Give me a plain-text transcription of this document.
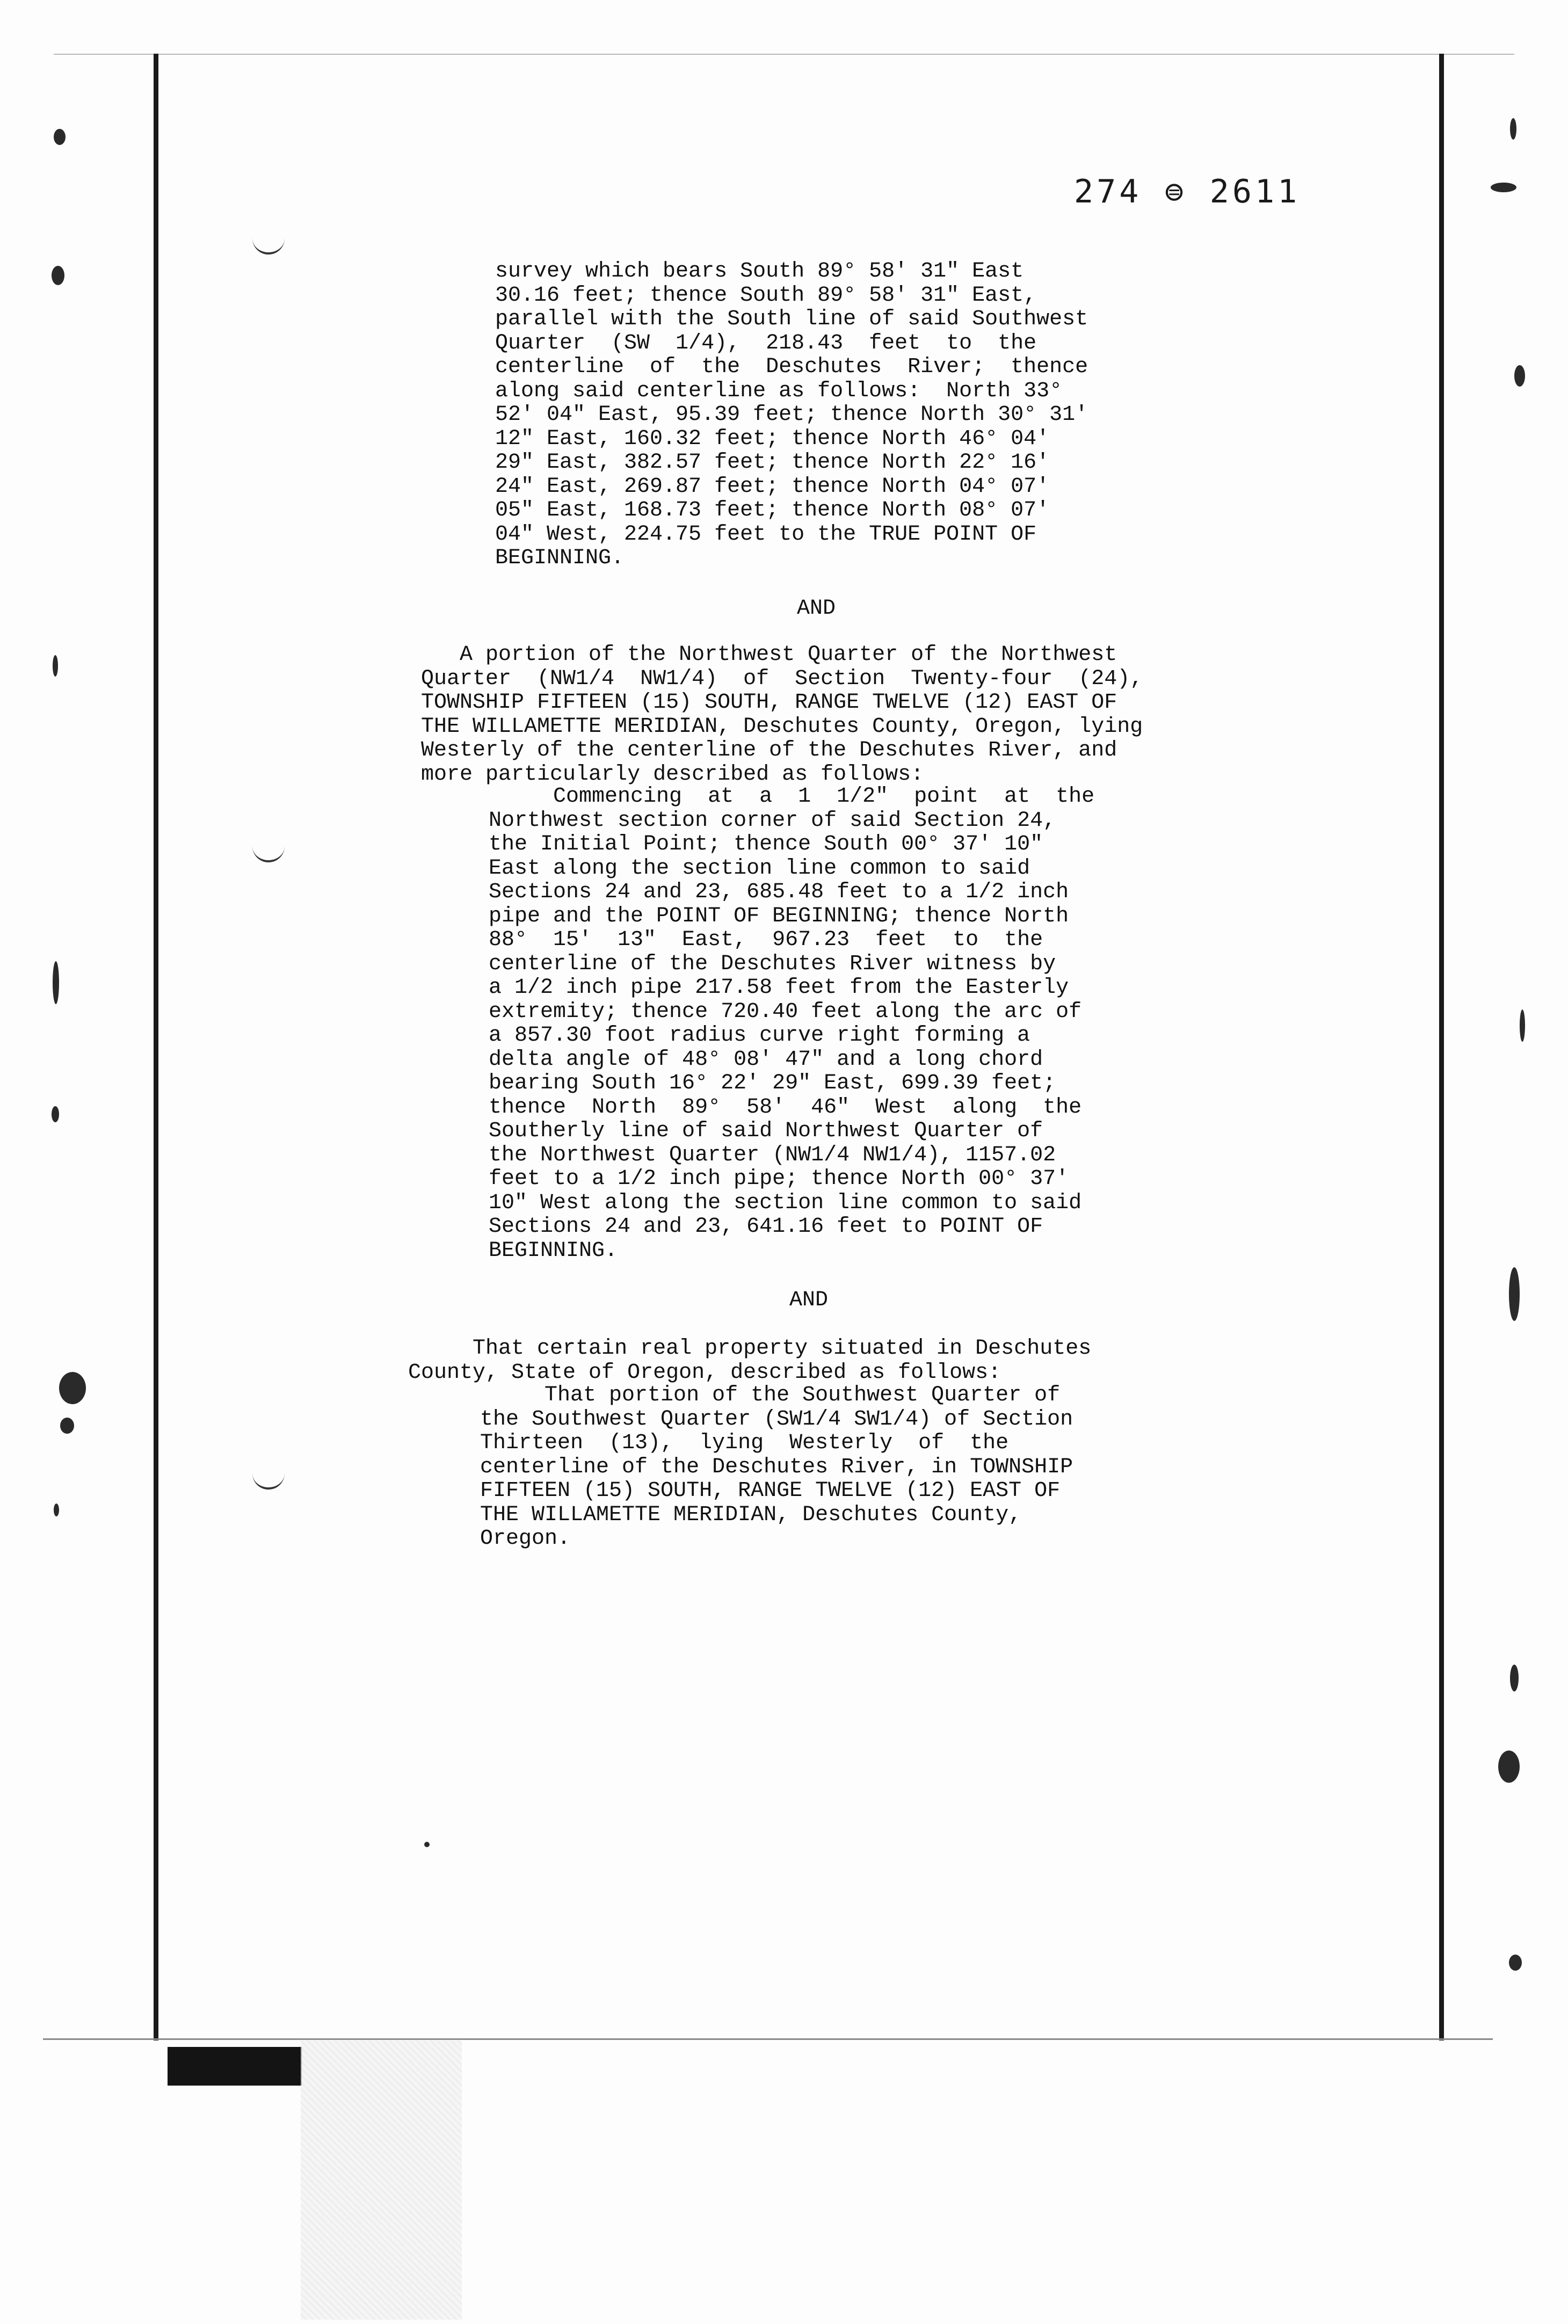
274 ⊜ 2611
survey which bears South 89° 58' 31" East
30.16 feet; thence South 89° 58' 31" East,
parallel with the South line of said Southwest
Quarter  (SW  1/4),  218.43  feet  to  the
centerline  of  the  Deschutes  River;  thence
along said centerline as follows:  North 33°
52' 04" East, 95.39 feet; thence North 30° 31'
12" East, 160.32 feet; thence North 46° 04'
29" East, 382.57 feet; thence North 22° 16'
24" East, 269.87 feet; thence North 04° 07'
05" East, 168.73 feet; thence North 08° 07'
04" West, 224.75 feet to the TRUE POINT OF
BEGINNING.
AND
A portion of the Northwest Quarter of the Northwest
Quarter  (NW1/4  NW1/4)  of  Section  Twenty-four  (24),
TOWNSHIP FIFTEEN (15) SOUTH, RANGE TWELVE (12) EAST OF
THE WILLAMETTE MERIDIAN, Deschutes County, Oregon, lying
Westerly of the centerline of the Deschutes River, and
more particularly described as follows:
Commencing  at  a  1  1/2"  point  at  the
Northwest section corner of said Section 24,
the Initial Point; thence South 00° 37' 10"
East along the section line common to said
Sections 24 and 23, 685.48 feet to a 1/2 inch
pipe and the POINT OF BEGINNING; thence North
88°  15'  13"  East,  967.23  feet  to  the
centerline of the Deschutes River witness by
a 1/2 inch pipe 217.58 feet from the Easterly
extremity; thence 720.40 feet along the arc of
a 857.30 foot radius curve right forming a
delta angle of 48° 08' 47" and a long chord
bearing South 16° 22' 29" East, 699.39 feet;
thence  North  89°  58'  46"  West  along  the
Southerly line of said Northwest Quarter of
the Northwest Quarter (NW1/4 NW1/4), 1157.02
feet to a 1/2 inch pipe; thence North 00° 37'
10" West along the section line common to said
Sections 24 and 23, 641.16 feet to POINT OF
BEGINNING.
AND
That certain real property situated in Deschutes
County, State of Oregon, described as follows:
That portion of the Southwest Quarter of
the Southwest Quarter (SW1/4 SW1/4) of Section
Thirteen  (13),  lying  Westerly  of  the
centerline of the Deschutes River, in TOWNSHIP
FIFTEEN (15) SOUTH, RANGE TWELVE (12) EAST OF
THE WILLAMETTE MERIDIAN, Deschutes County,
Oregon.
